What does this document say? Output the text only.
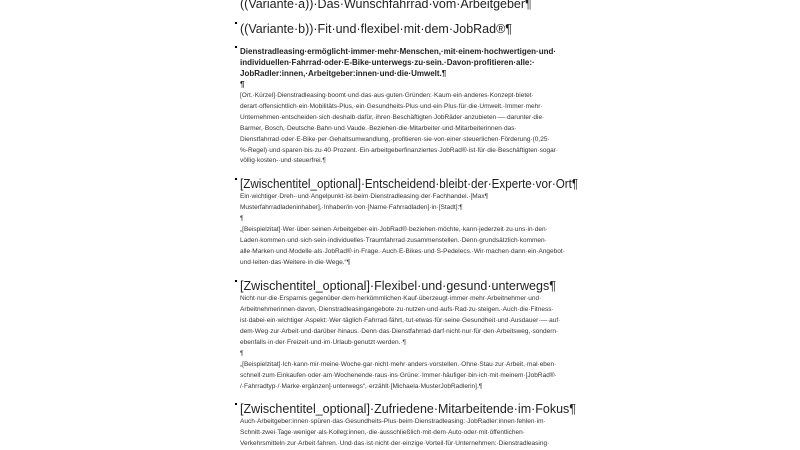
((Variante·a))·Das·Wunschfahrrad·vom·Arbeitgeber¶
((Variante·b))·Fit·und·flexibel·mit·dem·JobRad®¶
Dienstradleasing·ermöglicht·immer·mehr·Menschen,·mit·einem·hochwertigen·und·
individuellen·Fahrrad·oder·E-Bike·unterwegs·zu·sein.·Davon·profitieren·alle:·
JobRadler:innen,·Arbeitgeber:innen·und·die·Umwelt.¶
¶
[Ort.·Kürzel]·Dienstradleasing·boomt·und·das·aus·guten·Gründen:·Kaum·ein·anderes·Konzept·bietet·
derart·offensichtlich·ein·Mobilitäts-Plus,·ein·Gesundheits-Plus·und·ein·Plus·für·die·Umwelt.·Immer·mehr·
Unternehmen·entscheiden·sich·deshalb·dafür,·ihren·Beschäftigten·JobRäder·anzubieten·—·darunter·die·
Barmer,·Bosch,·Deutsche·Bahn·und·Vaude.·Beziehen·die·Mitarbeiter·und·Mitarbeiterinnen·das·
Dienstfahrrad·oder·E-Bike·per·Gehaltsumwandlung,·profitieren·sie·von·einer·steuerlichen·Förderung·(0,25·
%-Regel)·und·sparen·bis·zu·40·Prozent.·Ein·arbeitgeberfinanziertes·JobRad®·ist·für·die·Beschäftigten·sogar·
völlig·kosten-·und·steuerfrei.¶
[Zwischentitel_optional]·Entscheidend·bleibt·der·Experte·vor·Ort¶
Ein·wichtiger·Dreh-·und·Angelpunkt·ist·beim·Dienstradleasing·der·Fachhandel.·[Max¶
Musterfahrradladeninhaber],·Inhaber/in·von·[Name·Fahrradladen]·in·[Stadt]:¶
¶
„[Beispielzitat]·Wer·über·seinen·Arbeitgeber·ein·JobRad®·beziehen·möchte,·kann·jederzeit·zu·uns·in·den·
Laden·kommen·und·sich·sein·individuelles·Traumfahrrad·zusammenstellen.·Denn·grundsätzlich·kommen·
alle·Marken·und·Modelle·als·JobRad®·in·Frage.·Auch·E-Bikes·und·S-Pedelecs.·Wir·machen·dann·ein·Angebot·
und·leiten·das·Weitere·in·die·Wege.“¶
[Zwischentitel_optional]·Flexibel·und·gesund·unterwegs¶
Nicht·nur·die·Ersparnis·gegenüber·dem·herkömmlichen·Kauf·überzeugt·immer·mehr·Arbeitnehmer·und·
Arbeitnehmerinnen·davon,·Dienstradleasingangebote·zu·nutzen·und·aufs·Rad·zu·steigen.·Auch·die·Fitness·
ist·dabei·ein·wichtiger·Aspekt:·Wer·täglich·Fahrrad·fährt,·tut·etwas·für·seine·Gesundheit·und·Ausdauer·—·auf·
dem·Weg·zur·Arbeit·und·darüber·hinaus.·Denn·das·Dienstfahrrad·darf·nicht·nur·für·den·Arbeitsweg,·sondern·
ebenfalls·in·der·Freizeit·und·im·Urlaub·genutzt·werden.·¶
¶
„[Beispielzitat]·Ich·kann·mir·meine·Woche·gar·nicht·mehr·anders·vorstellen.·Ohne·Stau·zur·Arbeit,·mal·eben·
schnell·zum·Einkaufen·oder·am·Wochenende·raus·ins·Grüne:·Immer·häufiger·bin·ich·mit·meinem·[JobRad®·
/·Fahrradtyp·/·Marke·ergänzen]·unterwegs“,·erzählt·[Michaela·MusterJobRadlerin].¶
[Zwischentitel_optional]·Zufriedene·Mitarbeitende·im·Fokus¶
Auch·Arbeitgeber:innen·spüren·das·Gesundheits-Plus·beim·Dienstradleasing:·JobRadler:innen·fehlen·im·
Schnitt·zwei·Tage·weniger·als·Kolleg:innen,·die·ausschließlich·mit·dem·Auto·oder·mit·öffentlichen·
Verkehrsmitteln·zur·Arbeit·fahren.·Und·das·ist·nicht·der·einzige·Vorteil·für·Unternehmen:·Dienstradleasing·
